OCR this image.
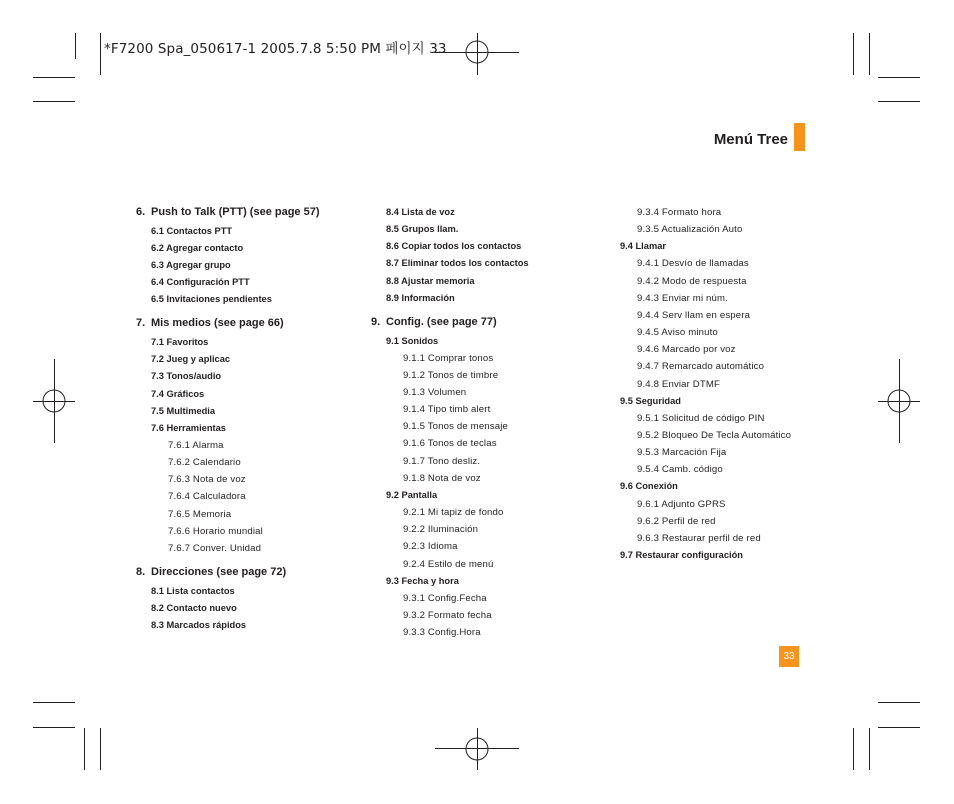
*F7200 Spa_050617-1 2005.7.8 5:50 PM 페이지 33
Menú Tree
6. Push to Talk (PTT) (see page 57)
6.1 Contactos PTT
6.2 Agregar contacto
6.3 Agregar grupo
6.4 Configuración PTT
6.5 Invitaciones pendientes
7. Mis medios (see page 66)
7.1 Favoritos
7.2 Jueg y aplicac
7.3 Tonos/audio
7.4 Gráficos
7.5 Multimedia
7.6 Herramientas
7.6.1 Alarma
7.6.2 Calendario
7.6.3 Nota de voz
7.6.4 Calculadora
7.6.5 Memoria
7.6.6 Horario mundial
7.6.7 Conver. Unidad
8. Direcciones (see page 72)
8.1 Lista contactos
8.2 Contacto nuevo
8.3 Marcados rápidos
8.4 Lista de voz
8.5 Grupos llam.
8.6 Copiar todos los contactos
8.7 Eliminar todos los contactos
8.8 Ajustar memoria
8.9 Información
9. Config. (see page 77)
9.1 Sonidos
9.1.1 Comprar tonos
9.1.2 Tonos de timbre
9.1.3 Volumen
9.1.4 Tipo timb alert
9.1.5 Tonos de mensaje
9.1.6 Tonos de teclas
9.1.7 Tono desliz.
9.1.8 Nota de voz
9.2 Pantalla
9.2.1 Mi tapiz de fondo
9.2.2 Iluminación
9.2.3 Idioma
9.2.4 Estilo de menú
9.3 Fecha y hora
9.3.1 Config.Fecha
9.3.2 Formato fecha
9.3.3 Config.Hora
9.3.4 Formato hora
9.3.5 Actualización Auto
9.4 Llamar
9.4.1 Desvío de llamadas
9.4.2 Modo de respuesta
9.4.3 Enviar mi núm.
9.4.4 Serv llam en espera
9.4.5 Aviso minuto
9.4.6 Marcado por voz
9.4.7 Remarcado automático
9.4.8 Enviar DTMF
9.5 Seguridad
9.5.1 Solicitud de código PIN
9.5.2 Bloqueo De Tecla Automático
9.5.3 Marcación Fija
9.5.4 Camb. código
9.6 Conexión
9.6.1 Adjunto GPRS
9.6.2 Perfil de red
9.6.3 Restaurar perfil de red
9.7 Restaurar configuración
33
